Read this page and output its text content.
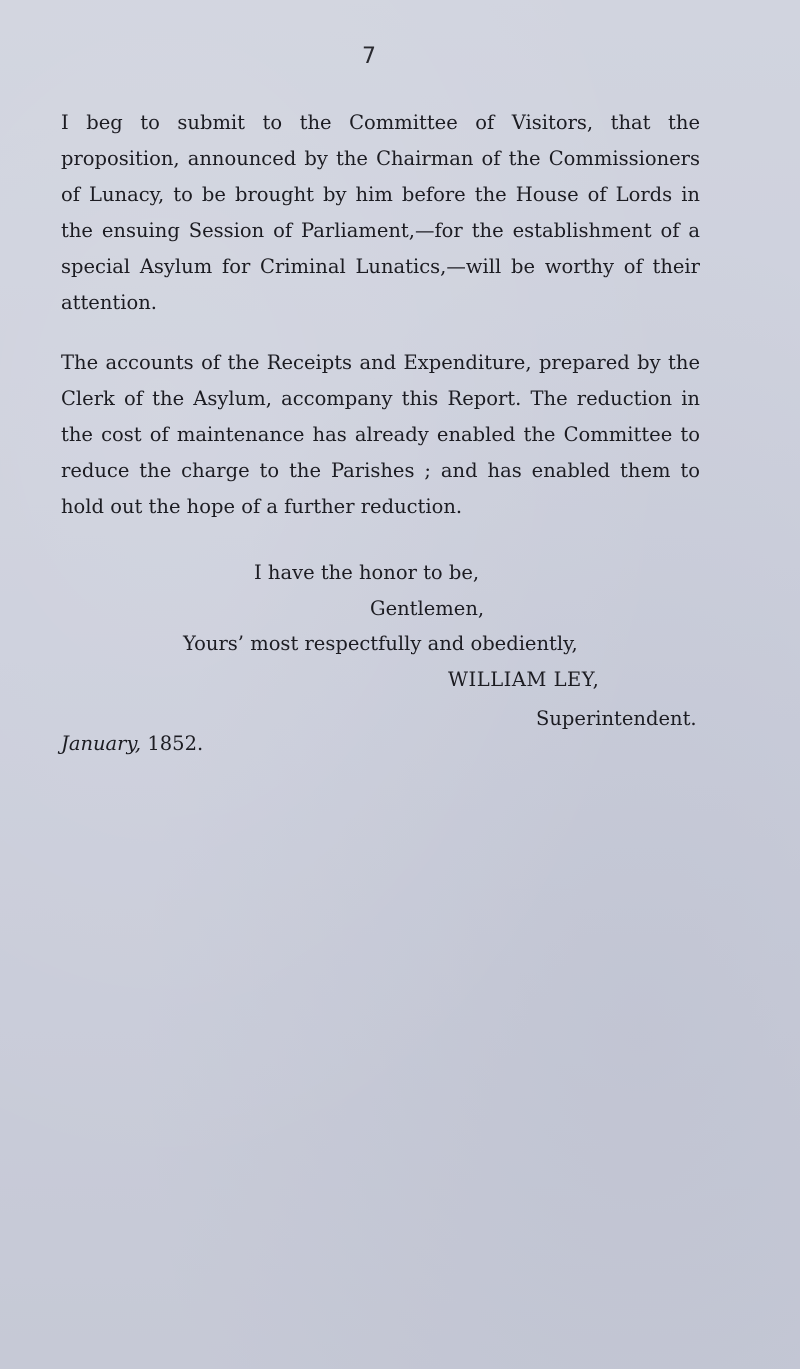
7

I beg to submit to the Committee of Visitors, that the proposition, announced by the Chairman of the Commissioners of Lunacy, to be brought by him before the House of Lords in the ensuing Session of Parliament,—for the establishment of a special Asylum for Criminal Lunatics,—will be worthy of their attention.

The accounts of the Receipts and Expenditure, prepared by the Clerk of the Asylum, accompany this Report. The reduction in the cost of maintenance has already enabled the Committee to reduce the charge to the Parishes ; and has enabled them to hold out the hope of a further reduction.

I have the honor to be,
Gentlemen,
Yours’ most respectfully and obediently,
WILLIAM LEY,
Superintendent.
January, 1852.
